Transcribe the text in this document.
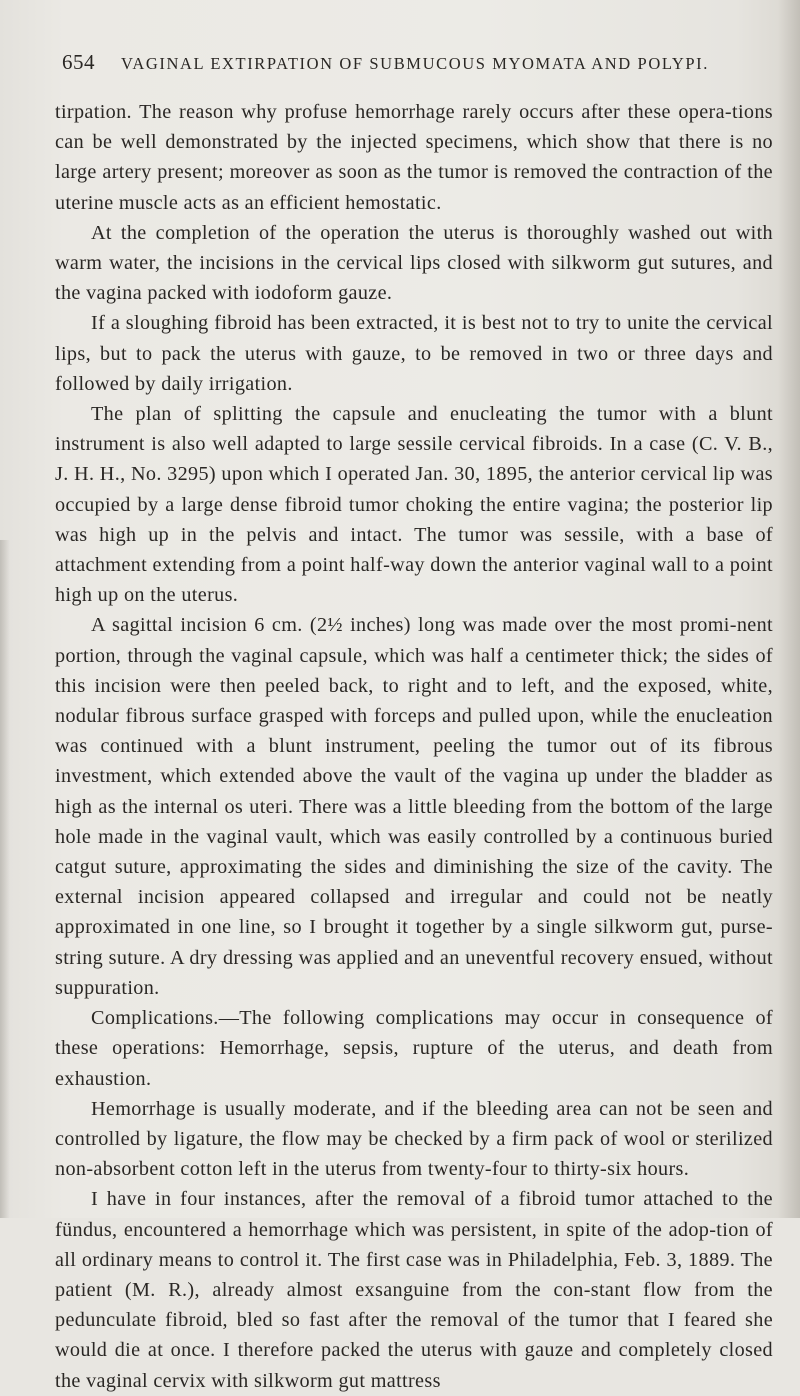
654 VAGINAL EXTIRPATION OF SUBMUCOUS MYOMATA AND POLYPI.

tirpation. The reason why profuse hemorrhage rarely occurs after these opera-tions can be well demonstrated by the injected specimens, which show that there is no large artery present; moreover as soon as the tumor is removed the contraction of the uterine muscle acts as an efficient hemostatic.

At the completion of the operation the uterus is thoroughly washed out with warm water, the incisions in the cervical lips closed with silkworm gut sutures, and the vagina packed with iodoform gauze.

If a sloughing fibroid has been extracted, it is best not to try to unite the cervical lips, but to pack the uterus with gauze, to be removed in two or three days and followed by daily irrigation.

The plan of splitting the capsule and enucleating the tumor with a blunt instrument is also well adapted to large sessile cervical fibroids. In a case (C. V. B., J. H. H., No. 3295) upon which I operated Jan. 30, 1895, the anterior cervical lip was occupied by a large dense fibroid tumor choking the entire vagina; the posterior lip was high up in the pelvis and intact. The tumor was sessile, with a base of attachment extending from a point half-way down the anterior vaginal wall to a point high up on the uterus.

A sagittal incision 6 cm. (2½ inches) long was made over the most promi-nent portion, through the vaginal capsule, which was half a centimeter thick; the sides of this incision were then peeled back, to right and to left, and the exposed, white, nodular fibrous surface grasped with forceps and pulled upon, while the enucleation was continued with a blunt instrument, peeling the tumor out of its fibrous investment, which extended above the vault of the vagina up under the bladder as high as the internal os uteri. There was a little bleeding from the bottom of the large hole made in the vaginal vault, which was easily controlled by a continuous buried catgut suture, approximating the sides and diminishing the size of the cavity. The external incision appeared collapsed and irregular and could not be neatly approximated in one line, so I brought it together by a single silkworm gut, purse-string suture. A dry dressing was applied and an uneventful recovery ensued, without suppuration.

Complications.—The following complications may occur in consequence of these operations: Hemorrhage, sepsis, rupture of the uterus, and death from exhaustion.

Hemorrhage is usually moderate, and if the bleeding area can not be seen and controlled by ligature, the flow may be checked by a firm pack of wool or sterilized non-absorbent cotton left in the uterus from twenty-four to thirty-six hours.

I have in four instances, after the removal of a fibroid tumor attached to the fündus, encountered a hemorrhage which was persistent, in spite of the adop-tion of all ordinary means to control it. The first case was in Philadelphia, Feb. 3, 1889. The patient (M. R.), already almost exsanguine from the con-stant flow from the pedunculate fibroid, bled so fast after the removal of the tumor that I feared she would die at once. I therefore packed the uterus with gauze and completely closed the vaginal cervix with silkworm gut mattress
